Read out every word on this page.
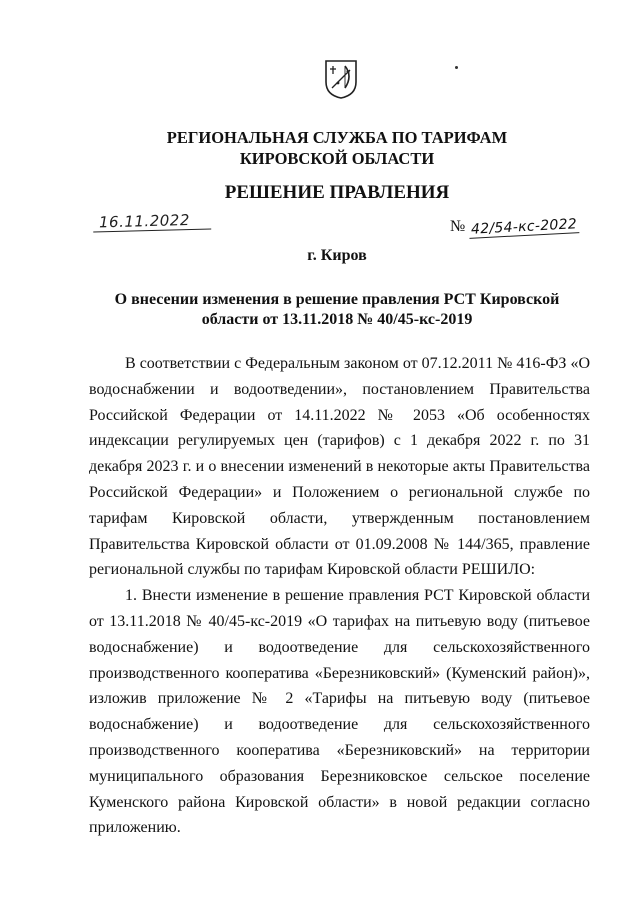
РЕГИОНАЛЬНАЯ СЛУЖБА ПО ТАРИФАМ
КИРОВСКОЙ ОБЛАСТИ
РЕШЕНИЕ ПРАВЛЕНИЯ
16.11.2022	№ 42/54-кс-2022
г. Киров
О внесении изменения в решение правления РСТ Кировской
области от 13.11.2018 № 40/45-кс-2019

В соответствии с Федеральным законом от 07.12.2011 № 416-ФЗ «О водоснабжении и водоотведении», постановлением Правительства Российской Федерации от 14.11.2022 № 2053 «Об особенностях индексации регулируемых цен (тарифов) с 1 декабря 2022 г. по 31 декабря 2023 г. и о внесении изменений в некоторые акты Правительства Российской Федерации» и Положением о региональной службе по тарифам Кировской области, утвержденным постановлением Правительства Кировской области от 01.09.2008 № 144/365, правление региональной службы по тарифам Кировской области РЕШИЛО:

1. Внести изменение в решение правления РСТ Кировской области от 13.11.2018 № 40/45-кс-2019 «О тарифах на питьевую воду (питьевое водоснабжение) и водоотведение для сельскохозяйственного производственного кооператива «Березниковский» (Куменский район)», изложив приложение № 2 «Тарифы на питьевую воду (питьевое водоснабжение) и водоотведение для сельскохозяйственного производственного кооператива «Березниковский» на территории муниципального образования Березниковское сельское поселение Куменского района Кировской области» в новой редакции согласно приложению.
